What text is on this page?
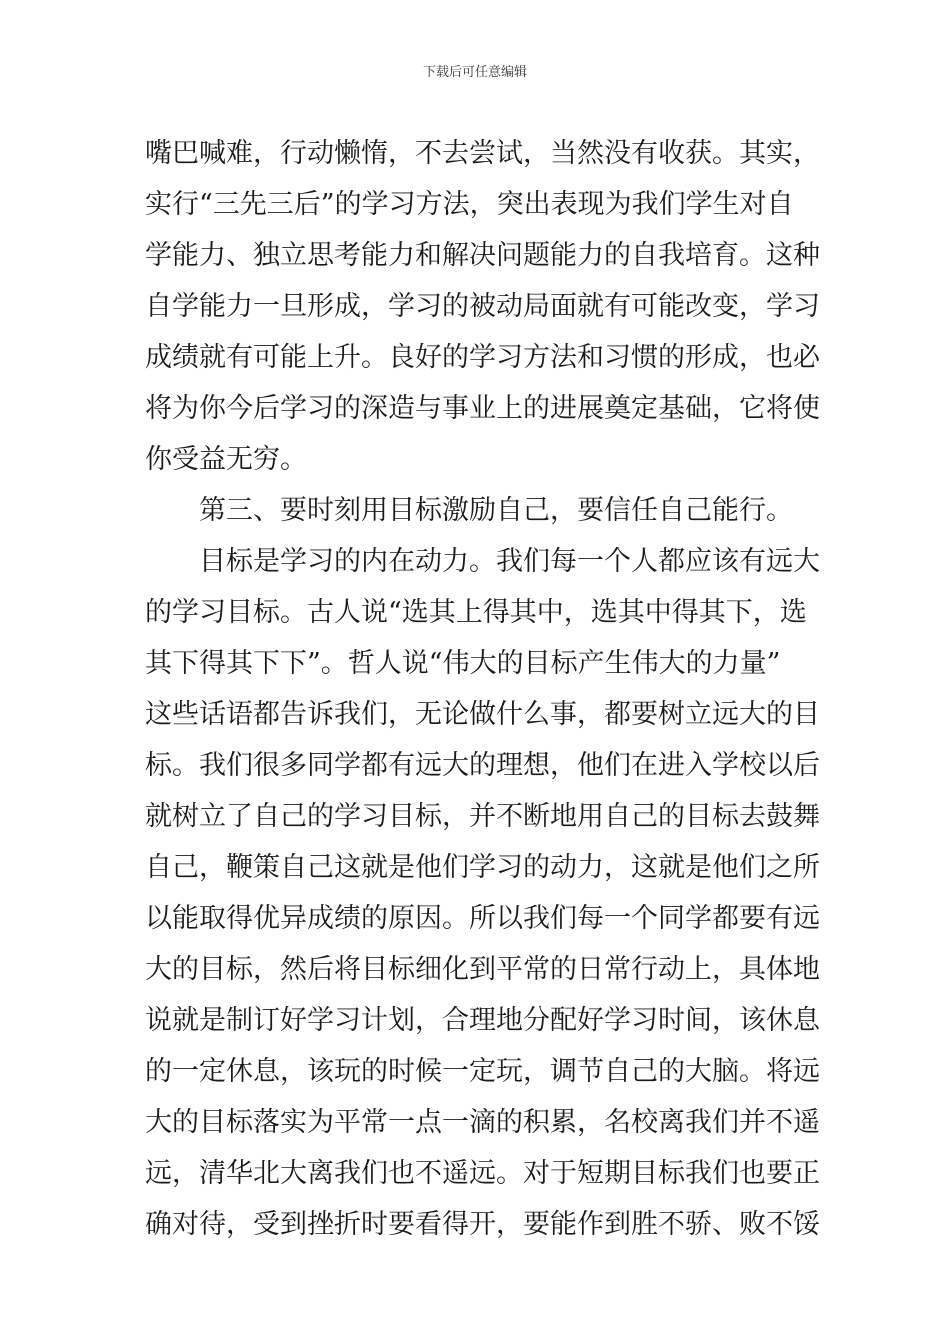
下载后可任意编辑
嘴巴喊难，行动懒惰，不去尝试，当然没有收获。其实，
实行“三先三后”的学习方法，突出表现为我们学生对自
学能力、独立思考能力和解决问题能力的自我培育。这种
自学能力一旦形成，学习的被动局面就有可能改变，学习
成绩就有可能上升。良好的学习方法和习惯的形成，也必
将为你今后学习的深造与事业上的进展奠定基础，它将使
你受益无穷。
第三、要时刻用目标激励自己，要信任自己能行。
目标是学习的内在动力。我们每一个人都应该有远大
的学习目标。古人说“选其上得其中，选其中得其下，选
其下得其下下”。哲人说“伟大的目标产生伟大的力量”
这些话语都告诉我们，无论做什么事，都要树立远大的目
标。我们很多同学都有远大的理想，他们在进入学校以后
就树立了自己的学习目标，并不断地用自己的目标去鼓舞
自己，鞭策自己这就是他们学习的动力，这就是他们之所
以能取得优异成绩的原因。所以我们每一个同学都要有远
大的目标，然后将目标细化到平常的日常行动上，具体地
说就是制订好学习计划，合理地分配好学习时间，该休息
的一定休息，该玩的时候一定玩，调节自己的大脑。将远
大的目标落实为平常一点一滴的积累，名校离我们并不遥
远，清华北大离我们也不遥远。对于短期目标我们也要正
确对待，受到挫折时要看得开，要能作到胜不骄、败不馁
